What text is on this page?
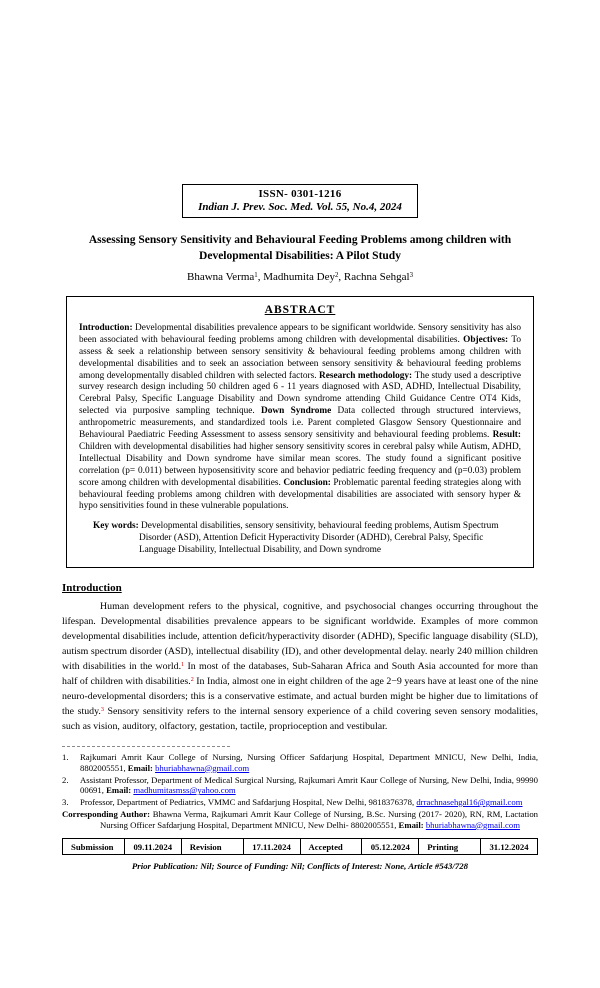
ISSN- 0301-1216
Indian J. Prev. Soc. Med. Vol. 55, No.4, 2024
Assessing Sensory Sensitivity and Behavioural Feeding Problems among children with Developmental Disabilities: A Pilot Study
Bhawna Verma$^1$, Madhumita Dey$^2$, Rachna Sehgal$^3$
ABSTRACT
Introduction: Developmental disabilities prevalence appears to be significant worldwide. Sensory sensitivity has also been associated with behavioural feeding problems among children with developmental disabilities. Objectives: To assess & seek a relationship between sensory sensitivity & behavioural feeding problems among children with developmental disabilities and to seek an association between sensory sensitivity & behavioural feeding problems among developmentally disabled children with selected factors. Research methodology: The study used a descriptive survey research design including 50 children aged 6 - 11 years diagnosed with ASD, ADHD, Intellectual Disability, Cerebral Palsy, Specific Language Disability and Down syndrome attending Child Guidance Centre OT4 Kids, selected via purposive sampling technique. Down Syndrome Data collected through structured interviews, anthropometric measurements, and standardized tools i.e. Parent completed Glasgow Sensory Questionnaire and Behavioural Paediatric Feeding Assessment to assess sensory sensitivity and behavioural feeding problems. Result: Children with developmental disabilities had higher sensory sensitivity scores in cerebral palsy while Autism, ADHD, Intellectual Disability and Down syndrome have similar mean scores. The study found a significant positive correlation (p= 0.011) between hyposensitivity score and behavior pediatric feeding frequency and (p=0.03) problem score among children with developmental disabilities. Conclusion: Problematic parental feeding strategies along with behavioural feeding problems among children with developmental disabilities are associated with sensory hyper & hypo sensitivities found in these vulnerable populations.
Key words: Developmental disabilities, sensory sensitivity, behavioural feeding problems, Autism Spectrum Disorder (ASD), Attention Deficit Hyperactivity Disorder (ADHD), Cerebral Palsy, Specific Language Disability, Intellectual Disability, and Down syndrome
Introduction
Human development refers to the physical, cognitive, and psychosocial changes occurring throughout the lifespan. Developmental disabilities prevalence appears to be significant worldwide. Examples of more common developmental disabilities include, attention deficit/hyperactivity disorder (ADHD), Specific language disability (SLD), autism spectrum disorder (ASD), intellectual disability (ID), and other developmental delay. nearly 240 million children with disabilities in the world.$^1$ In most of the databases, Sub-Saharan Africa and South Asia accounted for more than half of children with disabilities.$^2$ In India, almost one in eight children of the age 2−9 years have at least one of the nine neuro-developmental disorders; this is a conservative estimate, and actual burden might be higher due to limitations of the study.$^3$ Sensory sensitivity refers to the internal sensory experience of a child covering seven sensory modalities, such as vision, auditory, olfactory, gestation, tactile, proprioception and vestibular.
1. Rajkumari Amrit Kaur College of Nursing, Nursing Officer Safdarjung Hospital, Department MNICU, New Delhi, India, 8802005551, Email: bhuriabhawna@gmail.com
2. Assistant Professor, Department of Medical Surgical Nursing, Rajkumari Amrit Kaur College of Nursing, New Delhi, India, 99990 00691, Email: madhumitasmss@yahoo.com
3. Professor, Department of Pediatrics, VMMC and Safdarjung Hospital, New Delhi, 9818376378, drrachnasehgal16@gmail.com
Corresponding Author: Bhawna Verma, Rajkumari Amrit Kaur College of Nursing, B.Sc. Nursing (2017- 2020), RN, RM, Lactation Nursing Officer Safdarjung Hospital, Department MNICU, New Delhi- 8802005551, Email: bhuriabhawna@gmail.com
Submission	09.11.2024	Revision	17.11.2024	Accepted	05.12.2024	Printing	31.12.2024
Prior Publication: Nil; Source of Funding: Nil; Conflicts of Interest: None, Article #543/728
